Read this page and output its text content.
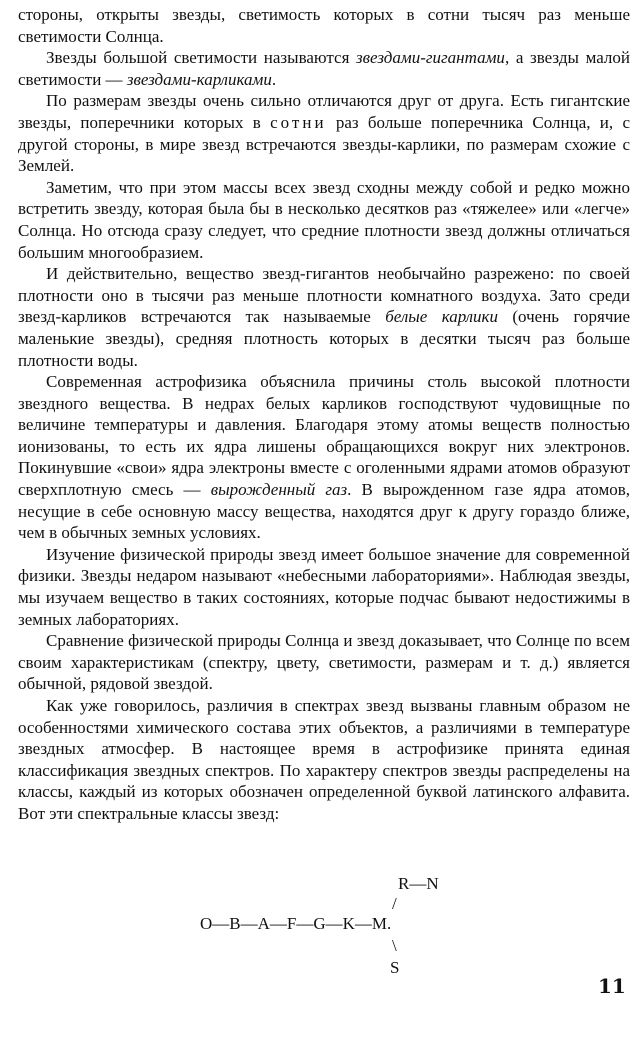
стороны, открыты звезды, светимость которых в сотни тысяч раз меньше светимости Солнца.

Звезды большой светимости называются звездами-гигантами, а звезды малой светимости — звездами-карликами.

По размерам звезды очень сильно отличаются друг от друга. Есть гигантские звезды, поперечники которых в сотни раз больше поперечника Солнца, и, с другой стороны, в мире звезд встречаются звезды-карлики, по размерам схожие с Землей.

Заметим, что при этом массы всех звезд сходны между собой и редко можно встретить звезду, которая была бы в несколько десятков раз «тяжелее» или «легче» Солнца. Но отсюда сразу следует, что средние плотности звезд должны отличаться большим многообразием.

И действительно, вещество звезд-гигантов необычайно разрежено: по своей плотности оно в тысячи раз меньше плотности комнатного воздуха. Зато среди звезд-карликов встречаются так называемые белые карлики (очень горячие маленькие звезды), средняя плотность которых в десятки тысяч раз больше плотности воды.

Современная астрофизика объяснила причины столь высокой плотности звездного вещества. В недрах белых карликов господствуют чудовищные по величине температуры и давления. Благодаря этому атомы веществ полностью ионизованы, то есть их ядра лишены обращающихся вокруг них электронов. Покинувшие «свои» ядра электроны вместе с оголенными ядрами атомов образуют сверхплотную смесь — вырожденный газ. В вырожденном газе ядра атомов, несущие в себе основную массу вещества, находятся друг к другу гораздо ближе, чем в обычных земных условиях.

Изучение физической природы звезд имеет большое значение для современной физики. Звезды недаром называют «небесными лабораториями». Наблюдая звезды, мы изучаем вещество в таких состояниях, которые подчас бывают недостижимы в земных лабораториях.

Сравнение физической природы Солнца и звезд доказывает, что Солнце по всем своим характеристикам (спектру, цвету, светимости, размерам и т. д.) является обычной, рядовой звездой.

Как уже говорилось, различия в спектрах звезд вызваны главным образом не особенностями химического состава этих объектов, а различиями в температуре звездных атмосфер. В настоящее время в астрофизике принята единая классификация звездных спектров. По характеру спектров звезды распределены на классы, каждый из которых обозначен определенной буквой латинского алфавита. Вот эти спектральные классы звезд:

R—N
/
O—B—A—F—G—K—M.
\
S
11
